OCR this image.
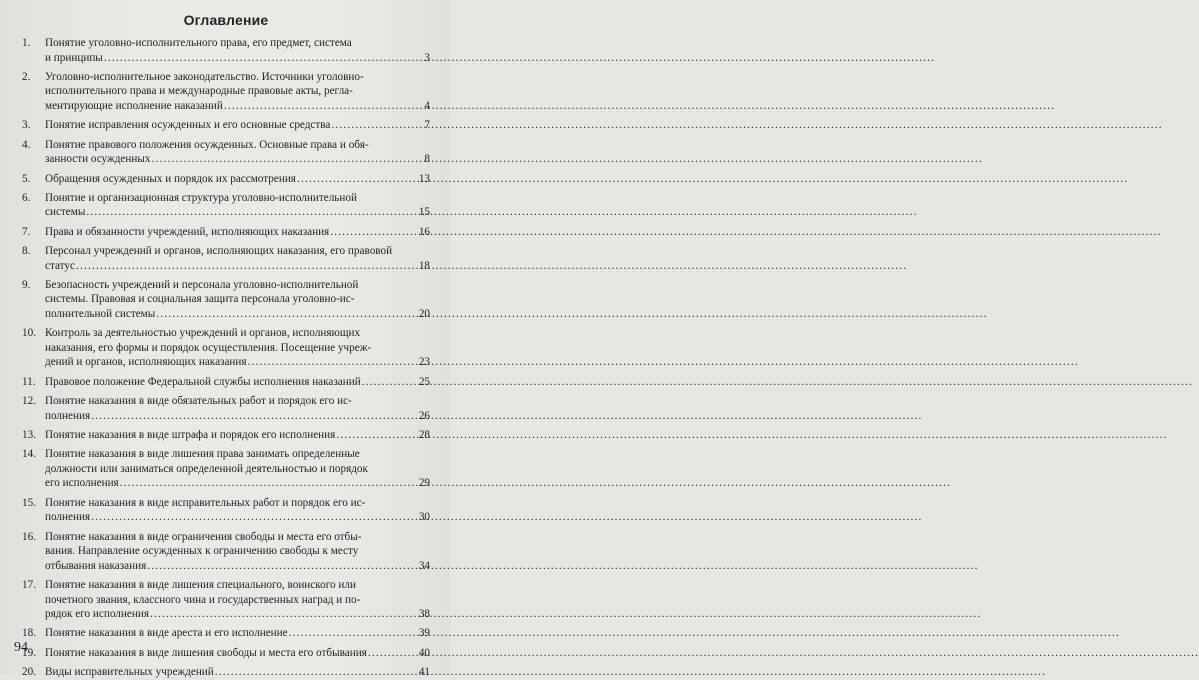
Оглавление
1.	Понятие уголовно-исполнительного права, его предмет, система
и принципы .....	3
2.	Уголовно-исполнительное законодательство. Источники уголовно-
исполнительного права и международные правовые акты, регла-
ментирующие исполнение наказаний .....	4
3.	Понятие исправления осужденных и его основные средства .....	7
4.	Понятие правового положения осужденных. Основные права и обя-
занности осужденных .....	8
5.	Обращения осужденных и порядок их рассмотрения .....	13
6.	Понятие и организационная структура уголовно-исполнительной
системы .....	15
7.	Права и обязанности учреждений, исполняющих наказания .....	16
8.	Персонал учреждений и органов, исполняющих наказания, его правовой
статус .....	18
9.	Безопасность учреждений и персонала уголовно-исполнительной
системы. Правовая и социальная защита персонала уголовно-ис-
полнительной системы .....	20
10. Контроль за деятельностью учреждений и органов, исполняющих
наказания, его формы и порядок осуществления. Посещение учреж-
дений и органов, исполняющих наказания .....	23
11. Правовое положение Федеральной службы исполнения наказаний .....	25
12. Понятие наказания в виде обязательных работ и порядок его ис-
полнения .....	26
13. Понятие наказания в виде штрафа и порядок его исполнения .....	28
14. Понятие наказания в виде лишения права занимать определенные
должности или заниматься определенной деятельностью и порядок
его исполнения .....	29
15. Понятие наказания в виде исправительных работ и порядок его ис-
полнения .....	30
16. Понятие наказания в виде ограничения свободы и места его отбы-
вания. Направление осужденных к ограничению свободы к месту
отбывания наказания .....	34
17. Понятие наказания в виде лишения специального, воинского или
почетного звания, классного чина и государственных наград и по-
рядок его исполнения .....	38
18. Понятие наказания в виде ареста и его исполнение .....	39
19. Понятие наказания в виде лишения свободы и места его отбывания .....	40
20. Виды исправительных учреждений .....	41
94
